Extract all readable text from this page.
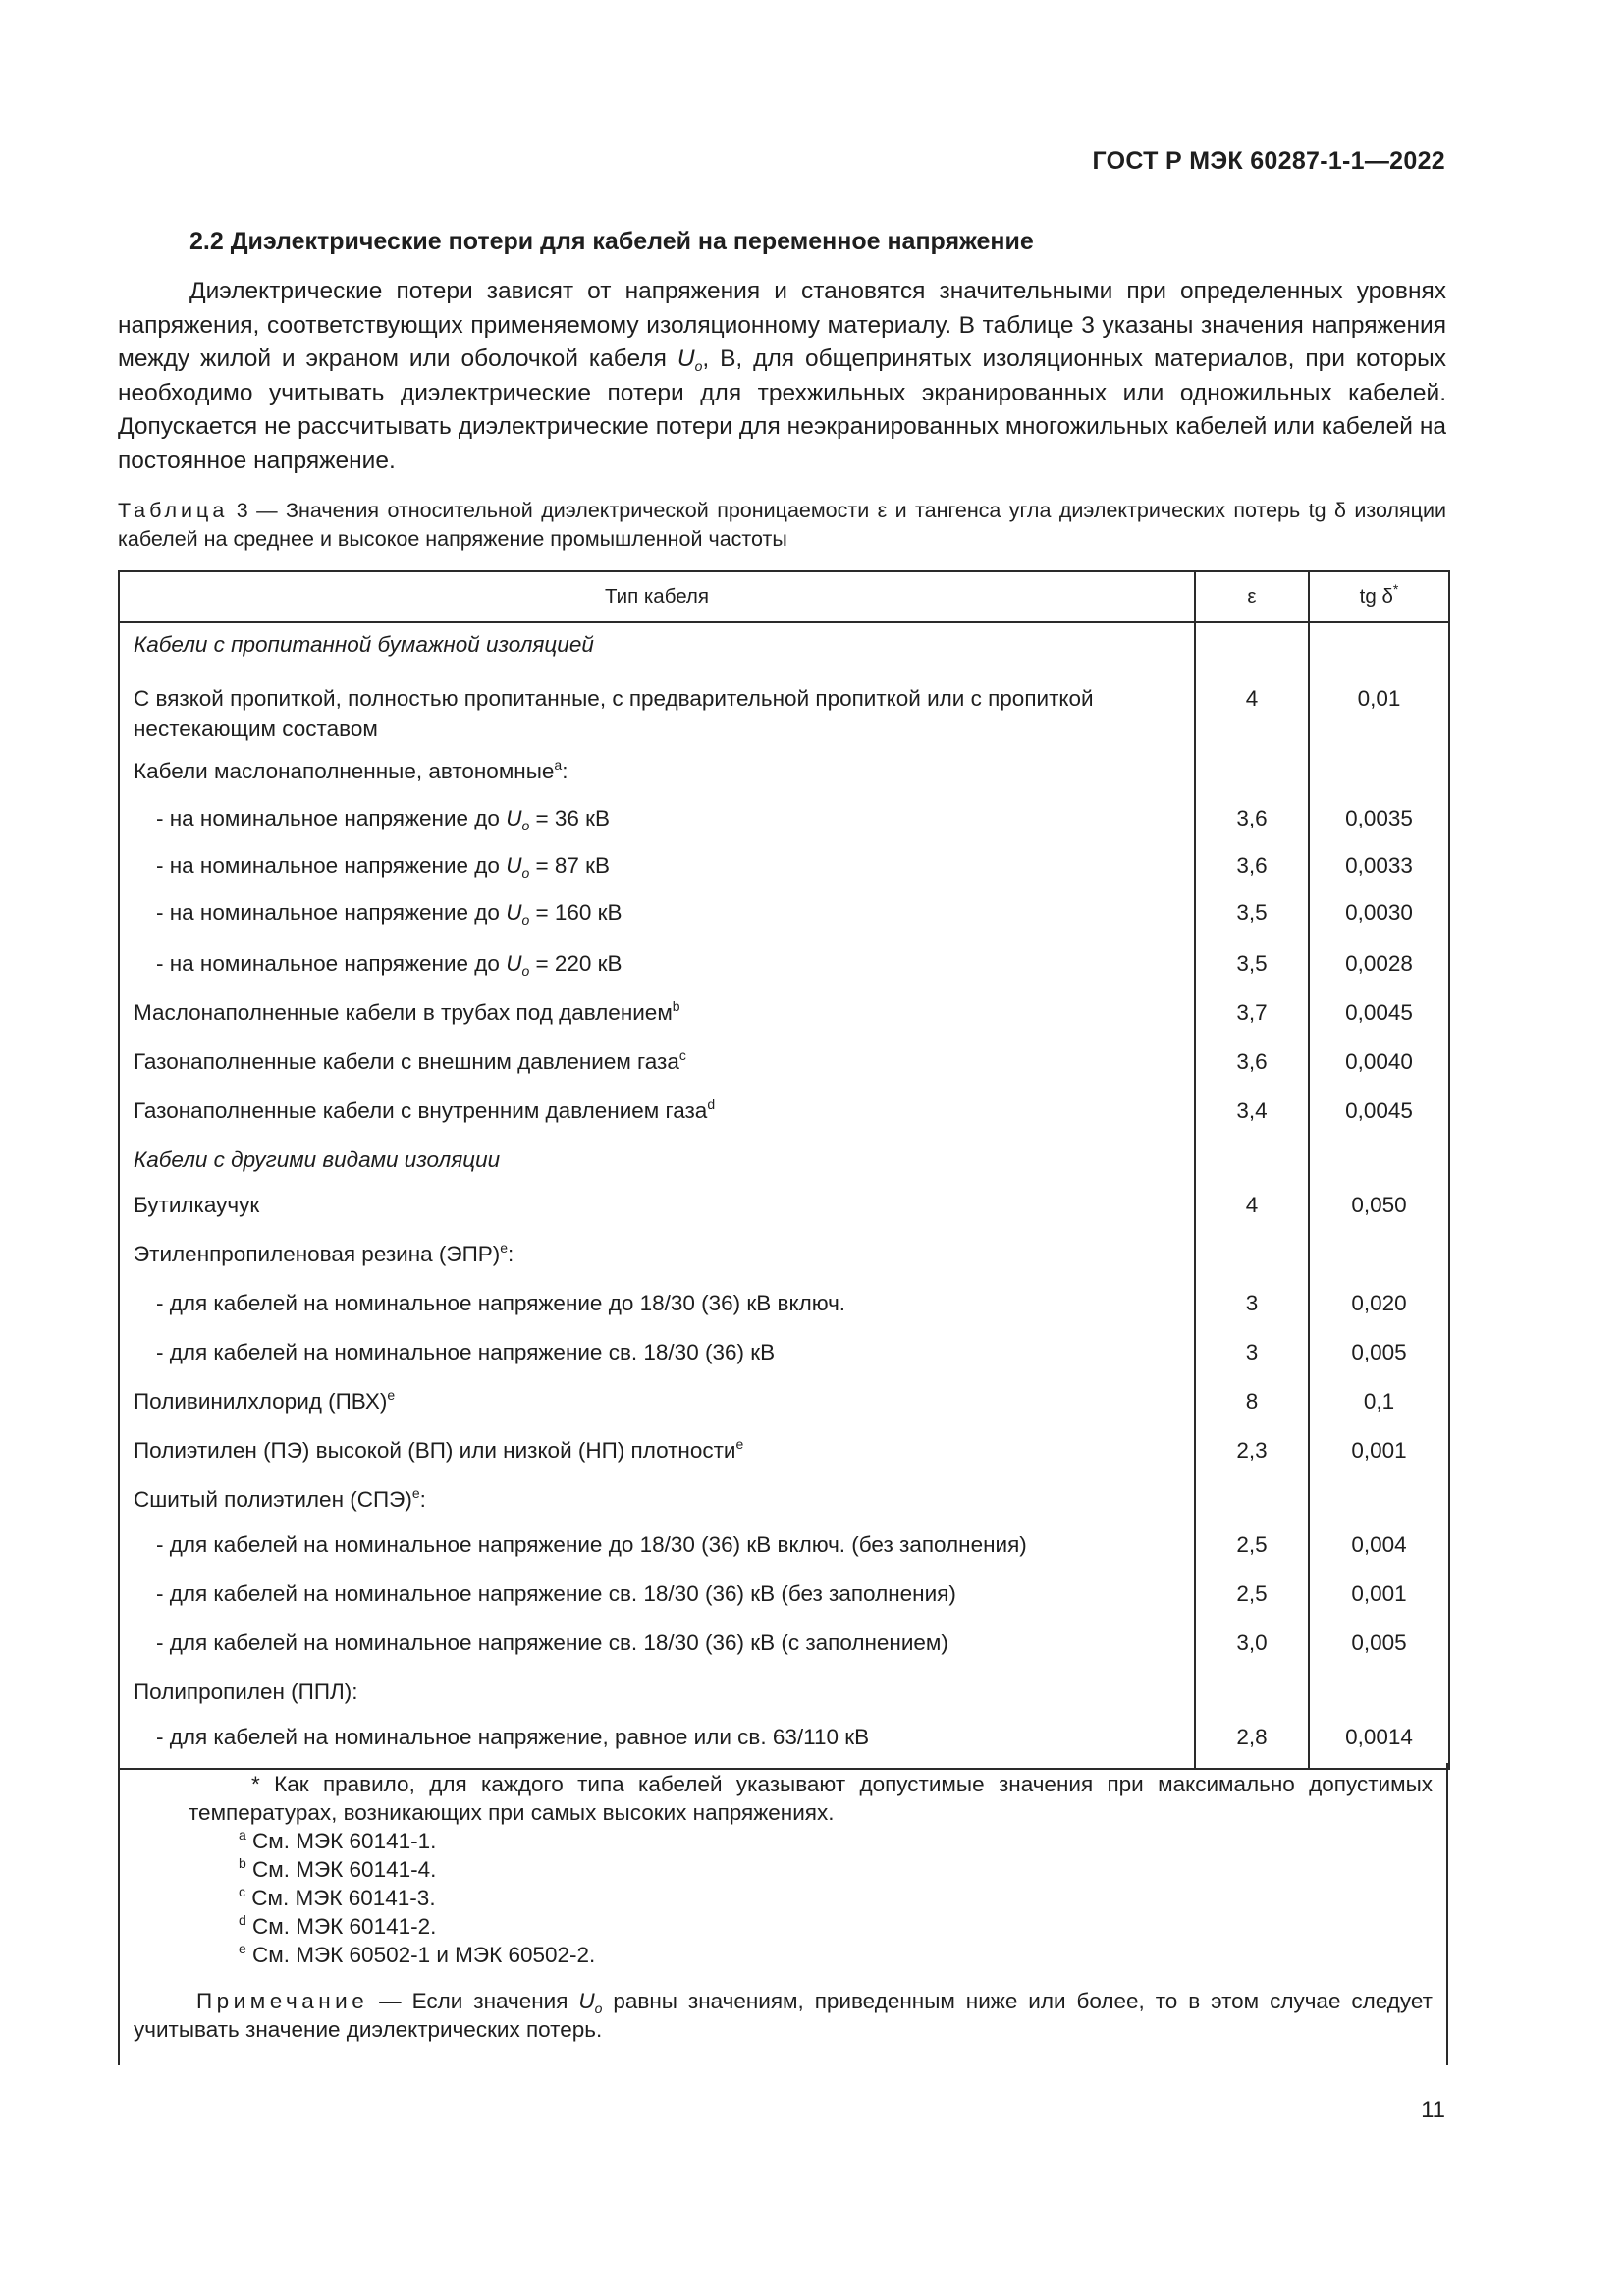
ГОСТ Р МЭК 60287-1-1—2022
2.2 Диэлектрические потери для кабелей на переменное напряжение

Диэлектрические потери зависят от напряжения и становятся значительными при определенных уровнях напряжения, соответствующих применяемому изоляционному материалу. В таблице 3 указаны значения напряжения между жилой и экраном или оболочкой кабеля $U_o$, В, для общепринятых изоляционных материалов, при которых необходимо учитывать диэлектрические потери для трехжильных экранированных или одножильных кабелей. Допускается не рассчитывать диэлектрические потери для неэкранированных многожильных кабелей или кабелей на постоянное напряжение.

Таблица 3 — Значения относительной диэлектрической проницаемости ε и тангенса угла диэлектрических потерь tg δ изоляции кабелей на среднее и высокое напряжение промышленной частоты

Тип кабеля	ε	tg δ*
Кабели с пропитанной бумажной изоляцией		
С вязкой пропиткой, полностью пропитанные, с предварительной пропиткой или с пропиткой нестекающим составом	4	0,01
Кабели маслонаполненные, автономные$^a$:		
- на номинальное напряжение до $U_o = 36$ кВ	3,6	0,0035
- на номинальное напряжение до $U_o = 87$ кВ	3,6	0,0033
- на номинальное напряжение до $U_o = 160$ кВ	3,5	0,0030
- на номинальное напряжение до $U_o = 220$ кВ	3,5	0,0028
Маслонаполненные кабели в трубах под давлением$^b$	3,7	0,0045
Газонаполненные кабели с внешним давлением газа$^c$	3,6	0,0040
Газонаполненные кабели с внутренним давлением газа$^d$	3,4	0,0045
Кабели с другими видами изоляции		
Бутилкаучук	4	0,050
Этиленпропиленовая резина (ЭПР)$^e$:		
- для кабелей на номинальное напряжение до 18/30 (36) кВ включ.	3	0,020
- для кабелей на номинальное напряжение св. 18/30 (36) кВ	3	0,005
Поливинилхлорид (ПВХ)$^e$	8	0,1
Полиэтилен (ПЭ) высокой (ВП) или низкой (НП) плотности$^e$	2,3	0,001
Сшитый полиэтилен (СПЭ)$^e$:		
- для кабелей на номинальное напряжение до 18/30 (36) кВ включ. (без заполнения)	2,5	0,004
- для кабелей на номинальное напряжение св. 18/30 (36) кВ (без заполнения)	2,5	0,001
- для кабелей на номинальное напряжение св. 18/30 (36) кВ (с заполнением)	3,0	0,005
Полипропилен (ППЛ):		
- для кабелей на номинальное напряжение, равное или св. 63/110 кВ	2,8	0,0014
* Как правило, для каждого типа кабелей указывают допустимые значения при максимально допустимых температурах, возникающих при самых высоких напряжениях.
$^a$ См. МЭК 60141-1.
$^b$ См. МЭК 60141-4.
$^c$ См. МЭК 60141-3.
$^d$ См. МЭК 60141-2.
$^e$ См. МЭК 60502-1 и МЭК 60502-2.
Примечание — Если значения $U_o$ равны значениям, приведенным ниже или более, то в этом случае следует учитывать значение диэлектрических потерь.
11
